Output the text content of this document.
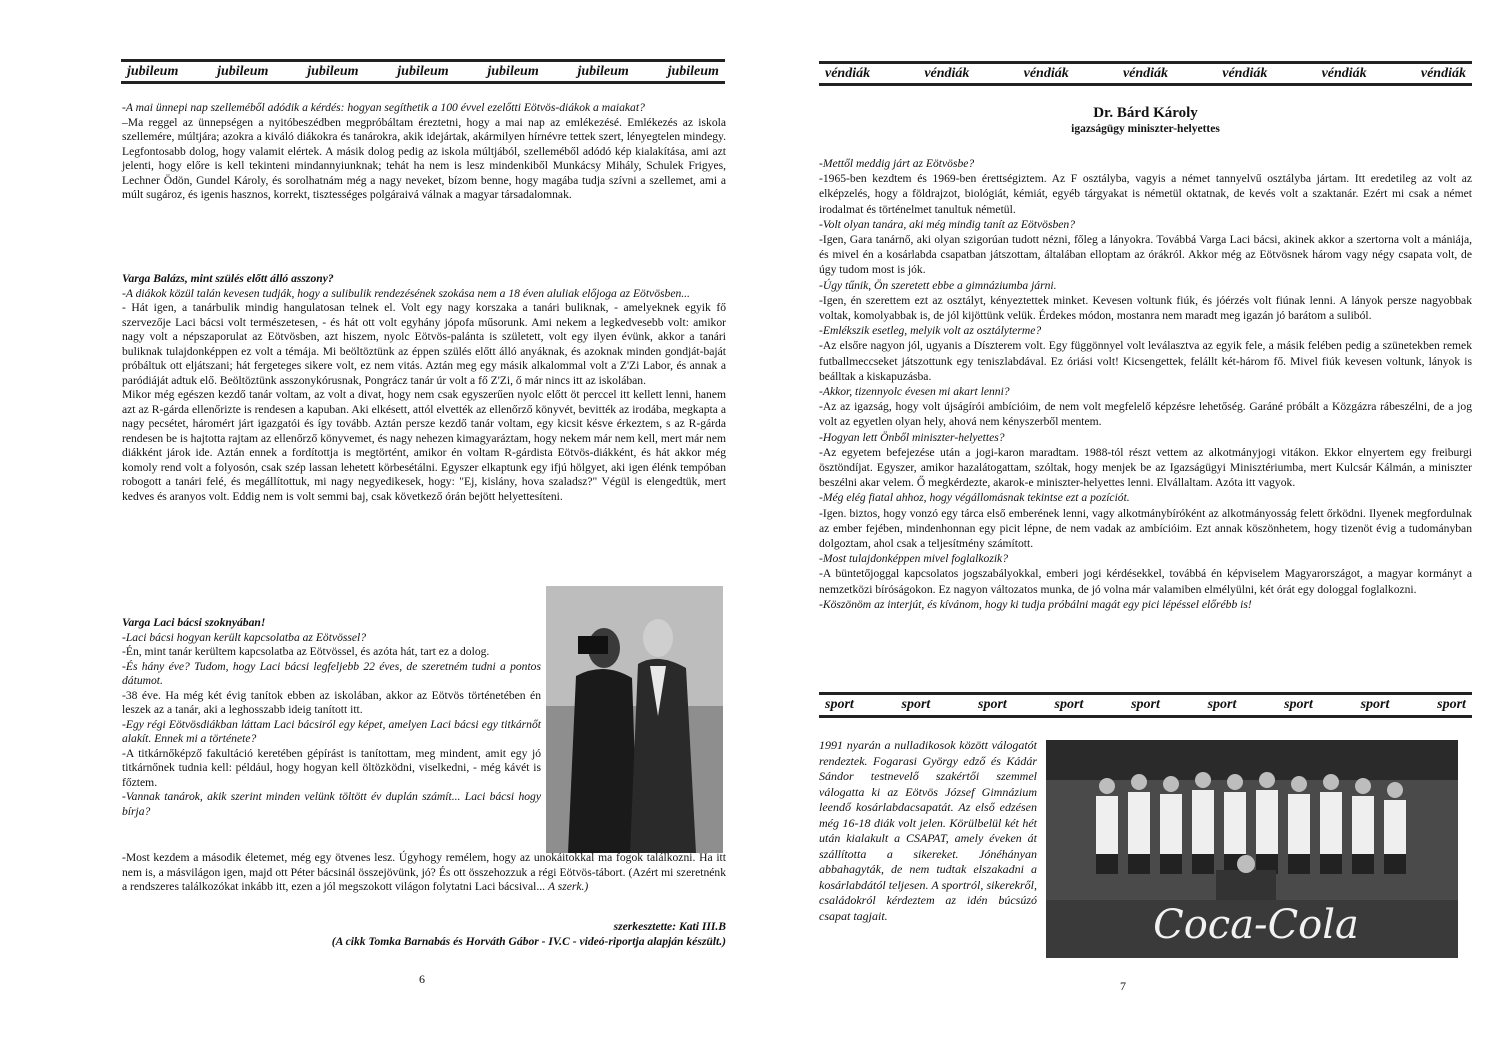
jubileum	jubileum	jubileum	jubileum	jubileum	jubileum	jubileum

-A mai ünnepi nap szelleméből adódik a kérdés: hogyan segíthetik a 100 évvel ezelőtti Eötvös-diákok a maiakat?

–Ma reggel az ünnepségen a nyitóbeszédben megpróbáltam éreztetni, hogy a mai nap az emlékezésé. Emlékezés az iskola szellemére, múltjára; azokra a kiváló diákokra és tanárokra, akik idejártak, akármilyen hírnévre tettek szert, lényegtelen mindegy. Legfontosabb dolog, hogy valamit elértek. A másik dolog pedig az iskola múltjából, szelleméből adódó kép kialakítása, ami azt jelenti, hogy előre is kell tekinteni mindannyiunknak; tehát ha nem is lesz mindenkiből Munkácsy Mihály, Schulek Frigyes, Lechner Ödön, Gundel Károly, és sorolhatnám még a nagy neveket, bízom benne, hogy magába tudja szívni a szellemet, ami a múlt sugároz, és igenis hasznos, korrekt, tisztességes polgáraivá válnak a magyar társadalomnak.

Varga Balázs, mint szülés előtt álló asszony?

-A diákok közül talán kevesen tudják, hogy a sulibulik rendezésének szokása nem a 18 éven aluliak előjoga az Eötvösben...

- Hát igen, a tanárbulik mindig hangulatosan telnek el. Volt egy nagy korszaka a tanári buliknak, - amelyeknek egyik fő szervezője Laci bácsi volt természetesen, - és hát ott volt egyhány jópofa műsorunk. Ami nekem a legkedvesebb volt: amikor nagy volt a népszaporulat az Eötvösben, azt hiszem, nyolc Eötvös-palánta is született, volt egy ilyen évünk, akkor a tanári buliknak tulajdonképpen ez volt a témája. Mi beöltöztünk az éppen szülés előtt álló anyáknak, és azoknak minden gondját-baját próbáltuk ott eljátszani; hát fergeteges sikere volt, ez nem vitás. Aztán meg egy másik alkalommal volt a Z'Zi Labor, és annak a paródiáját adtuk elő. Beöltöztünk asszonykórusnak, Pongrácz tanár úr volt a fő Z'Zi, ő már nincs itt az iskolában.

Mikor még egészen kezdő tanár voltam, az volt a divat, hogy nem csak egyszerűen nyolc előtt öt perccel itt kellett lenni, hanem azt az R-gárda ellenőrizte is rendesen a kapuban. Aki elkésett, attól elvették az ellenőrző könyvét, bevitték az irodába, megkapta a nagy pecsétet, háromért járt igazgatói és így tovább. Aztán persze kezdő tanár voltam, egy kicsit késve érkeztem, s az R-gárda rendesen be is hajtotta rajtam az ellenőrző könyvemet, és nagy nehezen kimagyaráztam, hogy nekem már nem kell, mert már nem diákként járok ide. Aztán ennek a fordítottja is megtörtént, amikor én voltam R-gárdista Eötvös-diákként, és hát akkor még komoly rend volt a folyosón, csak szép lassan lehetett körbesétálni. Egyszer elkaptunk egy ifjú hölgyet, aki igen élénk tempóban robogott a tanári felé, és megállítottuk, mi nagy negyedikesek, hogy: "Ej, kislány, hova szaladsz?" Végül is elengedtük, mert kedves és aranyos volt. Eddig nem is volt semmi baj, csak következő órán bejött helyettesíteni.

Varga Laci bácsi szoknyában!

-Laci bácsi hogyan került kapcsolatba az Eötvössel?

-Én, mint tanár kerültem kapcsolatba az Eötvössel, és azóta hát, tart ez a dolog.

-És hány éve? Tudom, hogy Laci bácsi legfeljebb 22 éves, de szeretném tudni a pontos dátumot.

-38 éve. Ha még két évig tanítok ebben az iskolában, akkor az Eötvös történetében én leszek az a tanár, aki a leghosszabb ideig tanított itt.

-Egy régi Eötvösdiákban láttam Laci bácsiról egy képet, amelyen Laci bácsi egy titkárnőt alakít. Ennek mi a története?

-A titkárnőképző fakultáció keretében gépírást is tanítottam, meg mindent, amit egy jó titkárnőnek tudnia kell: például, hogy hogyan kell öltözködni, viselkedni, - még kávét is főztem.

-Vannak tanárok, akik szerint minden velünk töltött év duplán számít... Laci bácsi hogy bírja?

-Most kezdem a második életemet, még egy ötvenes lesz. Úgyhogy remélem, hogy az unokáitokkal ma fogok találkozni. Ha itt nem is, a másvilágon igen, majd ott Péter bácsinál összejövünk, jó? És ott összehozzuk a régi Eötvös-tábort. (Azért mi szeretnénk a rendszeres találkozókat inkább itt, ezen a jól megszokott világon folytatni Laci bácsival... A szerk.)

szerkesztette: Kati III.B

(A cikk Tomka Barnabás és Horváth Gábor - IV.C - videó-riportja alapján készült.)

6
véndiák	véndiák	véndiák	véndiák	véndiák	véndiák	véndiák
Dr. Bárd Károly
igazságügy miniszter-helyettes

-Mettől meddig járt az Eötvösbe?

-1965-ben kezdtem és 1969-ben érettségiztem. Az F osztályba, vagyis a német tannyelvű osztályba jártam. Itt eredetileg az volt az elképzelés, hogy a földrajzot, biológiát, kémiát, egyéb tárgyakat is németül oktatnak, de kevés volt a szaktanár. Ezért mi csak a német irodalmat és történelmet tanultuk németül.

-Volt olyan tanára, aki még mindig tanít az Eötvösben?

-Igen, Gara tanárnő, aki olyan szigorúan tudott nézni, főleg a lányokra. Továbbá Varga Laci bácsi, akinek akkor a szertorna volt a mániája, és mivel én a kosárlabda csapatban játszottam, általában elloptam az órákról. Akkor még az Eötvösnek három vagy négy csapata volt, de úgy tudom most is jók.

-Úgy tűnik, Ön szeretett ebbe a gimnáziumba járni.

-Igen, én szerettem ezt az osztályt, kényeztettek minket. Kevesen voltunk fiúk, és jóérzés volt fiúnak lenni. A lányok persze nagyobbak voltak, komolyabbak is, de jól kijöttünk velük. Érdekes módon, mostanra nem maradt meg igazán jó barátom a suliból.

-Emlékszik esetleg, melyik volt az osztályterme?

-Az elsőre nagyon jól, ugyanis a Díszterem volt. Egy függönnyel volt leválasztva az egyik fele, a másik felében pedig a szünetekben remek futballmeccseket játszottunk egy teniszlabdával. Ez óriási volt! Kicsengettek, felállt két-három fő. Mivel fiúk kevesen voltunk, lányok is beálltak a kiskapuzásba.

-Akkor, tizennyolc évesen mi akart lenni?

-Az az igazság, hogy volt újságírói ambícióim, de nem volt megfelelő képzésre lehetőség. Garáné próbált a Közgázra rábeszélni, de a jog volt az egyetlen olyan hely, ahová nem kényszerből mentem.

-Hogyan lett Önből miniszter-helyettes?

-Az egyetem befejezése után a jogi-karon maradtam. 1988-tól részt vettem az alkotmányjogi vitákon. Ekkor elnyertem egy freiburgi ösztöndíjat. Egyszer, amikor hazalátogattam, szóltak, hogy menjek be az Igazságügyi Minisztériumba, mert Kulcsár Kálmán, a miniszter beszélni akar velem. Ő megkérdezte, akarok-e miniszter-helyettes lenni. Elvállaltam. Azóta itt vagyok.

-Még elég fiatal ahhoz, hogy végállomásnak tekintse ezt a pozíciót.

-Igen. biztos, hogy vonzó egy tárca első emberének lenni, vagy alkotmánybíróként az alkotmányosság felett őrködni. Ilyenek megfordulnak az ember fejében, mindenhonnan egy picit lépne, de nem vadak az ambícióim. Ezt annak köszönhetem, hogy tizenöt évig a tudományban dolgoztam, ahol csak a teljesítmény számított.

-Most tulajdonképpen mivel foglalkozik?

-A büntetőjoggal kapcsolatos jogszabályokkal, emberi jogi kérdésekkel, továbbá én képviselem Magyarországot, a magyar kormányt a nemzetközi bíróságokon. Ez nagyon változatos munka, de jó volna már valamiben elmélyülni, két órát egy dologgal foglalkozni.

-Köszönöm az interjút, és kívánom, hogy ki tudja próbálni magát egy pici lépéssel előrébb is!

sport	sport	sport	sport	sport	sport	sport	sport	sport

1991 nyarán a nulladikosok között válogatót rendeztek. Fogarasi György edző és Kádár Sándor testnevelő szakértői szemmel válogatta ki az Eötvös József Gimnázium leendő kosárlabdacsapatát. Az első edzésen még 16-18 diák volt jelen. Körülbelül két hét után kialakult a CSAPAT, amely éveken át szállította a sikereket. Jónéhányan abbahagyták, de nem tudtak elszakadni a kosárlabdától teljesen. A sportról, sikerekről, családokról kérdeztem az idén búcsúzó csapat tagjait.	Coca-Cola
7
